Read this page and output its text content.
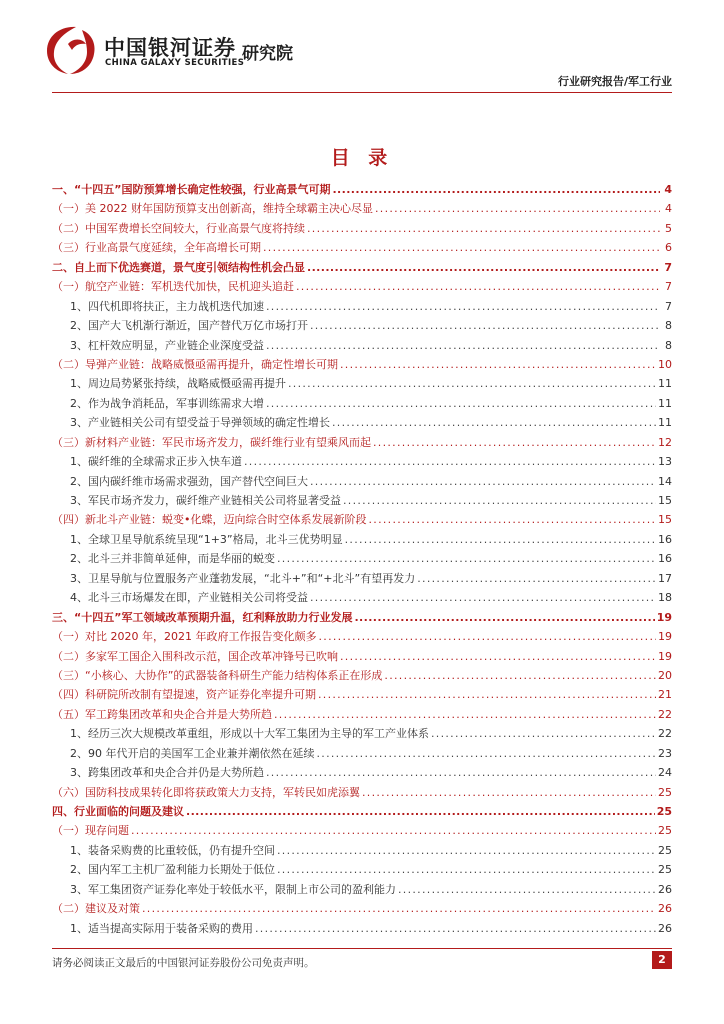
中国银河证券
CHINA GALAXY SECURITIES
研究院
行业研究报告/军工行业
目 录
一、“十四五”国防预算增长确定性较强，行业高景气可期 .....	4
（一）美 2022 财年国防预算支出创新高，维持全球霸主决心尽显 .....	4
（二）中国军费增长空间较大，行业高景气度将持续 .....	5
（三）行业高景气度延续，全年高增长可期 .....	6
二、自上而下优选赛道，景气度引领结构性机会凸显 .....	7
（一）航空产业链：军机迭代加快，民机迎头追赶 .....	7
1、四代机即将扶正，主力战机迭代加速 .....	7
2、国产大飞机渐行渐近，国产替代万亿市场打开 .....	8
3、杠杆效应明显，产业链企业深度受益 .....	8
（二）导弹产业链：战略威慑亟需再提升，确定性增长可期 .....	10
1、周边局势紧张持续，战略威慑亟需再提升 .....	11
2、作为战争消耗品，军事训练需求大增 .....	11
3、产业链相关公司有望受益于导弹领域的确定性增长 .....	11
（三）新材料产业链：军民市场齐发力，碳纤维行业有望乘风而起 .....	12
1、碳纤维的全球需求正步入快车道 .....	13
2、国内碳纤维市场需求强劲，国产替代空间巨大 .....	14
3、军民市场齐发力，碳纤维产业链相关公司将显著受益 .....	15
（四）新北斗产业链：蜕变•化蝶，迈向综合时空体系发展新阶段 .....	15
1、全球卫星导航系统呈现“1+3”格局，北斗三优势明显 .....	16
2、北斗三并非简单延伸，而是华丽的蜕变 .....	16
3、卫星导航与位置服务产业蓬勃发展，“北斗+”和“+北斗”有望再发力 .....	17
4、北斗三市场爆发在即，产业链相关公司将受益 .....	18
三、“十四五”军工领域改革预期升温，红利释放助力行业发展 .....	19
（一）对比 2020 年，2021 年政府工作报告变化颇多 .....	19
（二）多家军工国企入围科改示范，国企改革冲锋号已吹响 .....	19
（三）“小核心、大协作”的武器装备科研生产能力结构体系正在形成 .....	20
（四）科研院所改制有望提速，资产证券化率提升可期 .....	21
（五）军工跨集团改革和央企合并是大势所趋 .....	22
1、经历三次大规模改革重组，形成以十大军工集团为主导的军工产业体系 .....	22
2、90 年代开启的美国军工企业兼并潮依然在延续 .....	23
3、跨集团改革和央企合并仍是大势所趋 .....	24
（六）国防科技成果转化即将获政策大力支持，军转民如虎添翼 .....	25
四、行业面临的问题及建议 .....	25
（一）现存问题 .....	25
1、装备采购费的比重较低，仍有提升空间 .....	25
2、国内军工主机厂盈利能力长期处于低位 .....	25
3、军工集团资产证券化率处于较低水平，限制上市公司的盈利能力 .....	26
（二）建议及对策 .....	26
1、适当提高实际用于装备采购的费用 .....	26
请务必阅读正文最后的中国银河证券股份公司免责声明。	2
